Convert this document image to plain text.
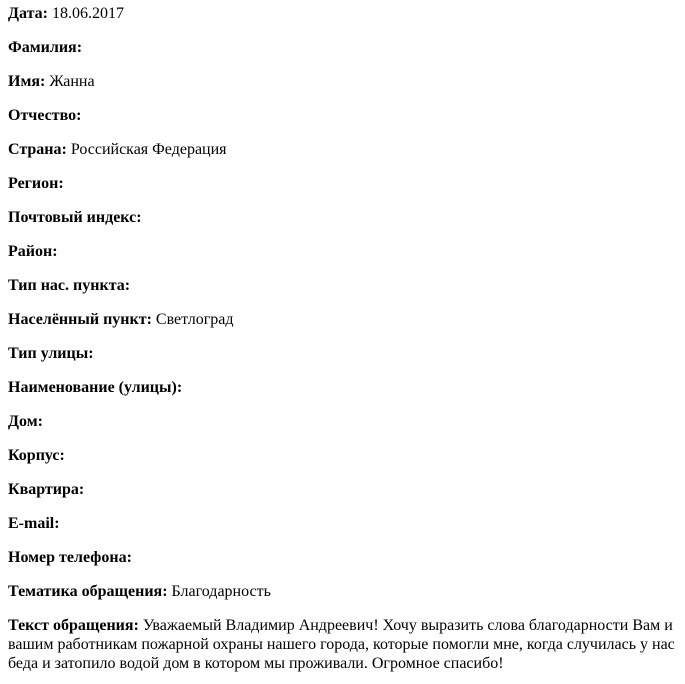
Дата: 18.06.2017

Фамилия:

Имя: Жанна

Отчество:

Страна: Российская Федерация

Регион:

Почтовый индекс:

Район:

Тип нас. пункта:

Населённый пункт: Светлоград

Тип улицы:

Наименование (улицы):

Дом:

Корпус:

Квартира:

E-mail:

Номер телефона:

Тематика обращения: Благодарность

Текст обращения: Уважаемый Владимир Андреевич! Хочу выразить слова благодарности Вам и вашим работникам пожарной охраны нашего города, которые помогли мне, когда случилась у нас беда и затопило водой дом в котором мы проживали. Огромное спасибо!
